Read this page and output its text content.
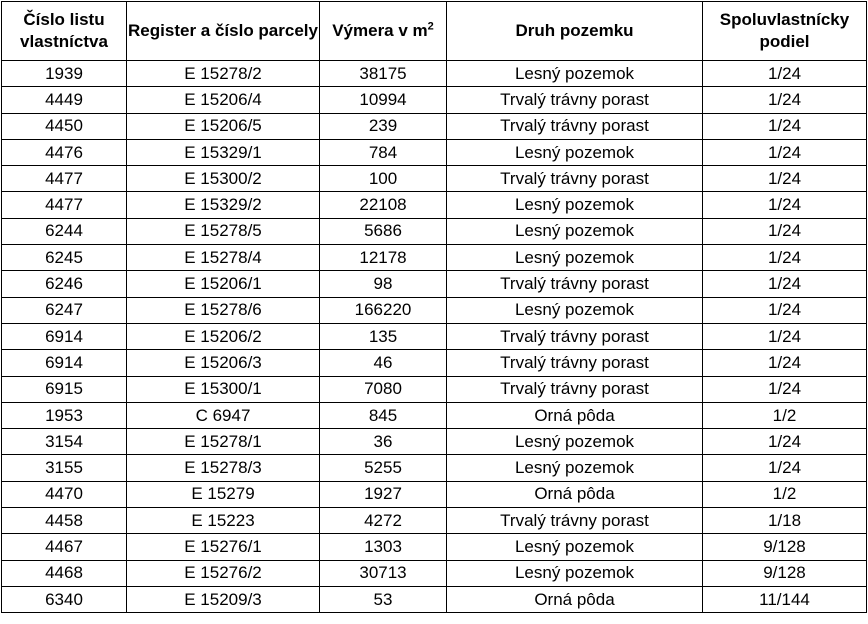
Číslo listu vlastníctva	Register a číslo parcely	Výmera v $m^2$	Druh pozemku	Spoluvlastnícky podiel
1939	E 15278/2	38175	Lesný pozemok	1/24
4449	E 15206/4	10994	Trvalý trávny porast	1/24
4450	E 15206/5	239	Trvalý trávny porast	1/24
4476	E 15329/1	784	Lesný pozemok	1/24
4477	E 15300/2	100	Trvalý trávny porast	1/24
4477	E 15329/2	22108	Lesný pozemok	1/24
6244	E 15278/5	5686	Lesný pozemok	1/24
6245	E 15278/4	12178	Lesný pozemok	1/24
6246	E 15206/1	98	Trvalý trávny porast	1/24
6247	E 15278/6	166220	Lesný pozemok	1/24
6914	E 15206/2	135	Trvalý trávny porast	1/24
6914	E 15206/3	46	Trvalý trávny porast	1/24
6915	E 15300/1	7080	Trvalý trávny porast	1/24
1953	C 6947	845	Orná pôda	1/2
3154	E 15278/1	36	Lesný pozemok	1/24
3155	E 15278/3	5255	Lesný pozemok	1/24
4470	E 15279	1927	Orná pôda	1/2
4458	E 15223	4272	Trvalý trávny porast	1/18
4467	E 15276/1	1303	Lesný pozemok	9/128
4468	E 15276/2	30713	Lesný pozemok	9/128
6340	E 15209/3	53	Orná pôda	11/144
